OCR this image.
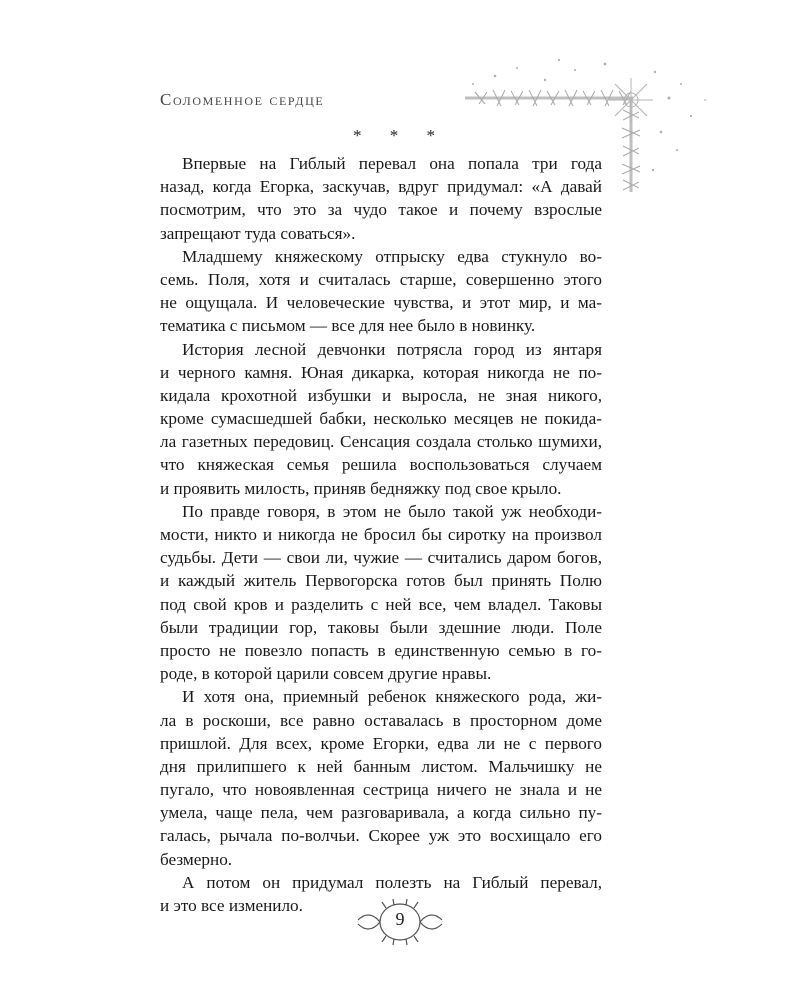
Соломенное сердце
* * *
Впервые на Гиблый перевал она попала три года
назад, когда Егорка, заскучав, вдруг придумал: «А давай
посмотрим, что это за чудо такое и почему взрослые
запрещают туда соваться».
Младшему княжескому отпрыску едва стукнуло во-
семь. Поля, хотя и считалась старше, совершенно этого
не ощущала. И человеческие чувства, и этот мир, и ма-
тематика с письмом — все для нее было в новинку.
История лесной девчонки потрясла город из янтаря
и черного камня. Юная дикарка, которая никогда не по-
кидала крохотной избушки и выросла, не зная никого,
кроме сумасшедшей бабки, несколько месяцев не покида-
ла газетных передовиц. Сенсация создала столько шумихи,
что княжеская семья решила воспользоваться случаем
и проявить милость, приняв бедняжку под свое крыло.
По правде говоря, в этом не было такой уж необходи-
мости, никто и никогда не бросил бы сиротку на произвол
судьбы. Дети — свои ли, чужие — считались даром богов,
и каждый житель Первогорска готов был принять Полю
под свой кров и разделить с ней все, чем владел. Таковы
были традиции гор, таковы были здешние люди. Поле
просто не повезло попасть в единственную семью в го-
роде, в которой царили совсем другие нравы.
И хотя она, приемный ребенок княжеского рода, жи-
ла в роскоши, все равно оставалась в просторном доме
пришлой. Для всех, кроме Егорки, едва ли не с первого
дня прилипшего к ней банным листом. Мальчишку не
пугало, что новоявленная сестрица ничего не знала и не
умела, чаще пела, чем разговаривала, а когда сильно пу-
галась, рычала по-волчьи. Скорее уж это восхищало его
безмерно.
А потом он придумал полезть на Гиблый перевал,
и это все изменило.
9
